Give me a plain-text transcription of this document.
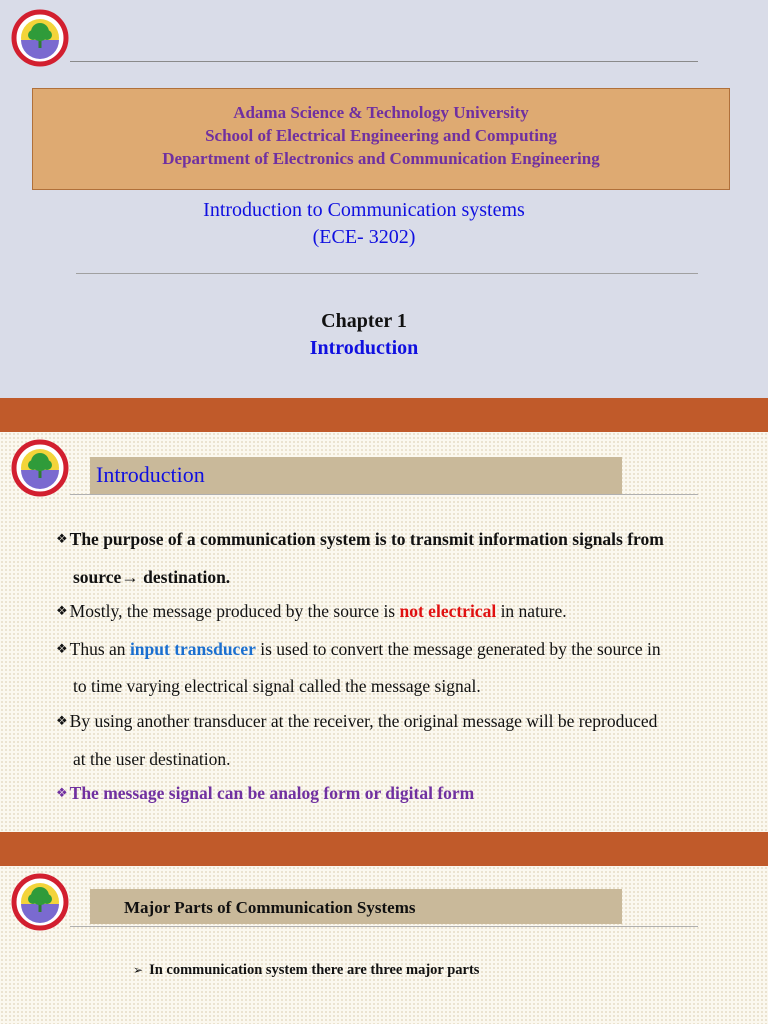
Adama Science & Technology University
School of Electrical Engineering and Computing
Department of Electronics and Communication Engineering
Introduction to Communication systems
(ECE- 3202)
Chapter 1
Introduction
Introduction

❖ The purpose of a communication system is to transmit information signals from

source→ destination.

❖ Mostly, the message produced by the source is not electrical in nature.

❖ Thus an input transducer is used to convert the message generated by the source in

to time varying electrical signal called the message signal.

❖ By using another transducer at the receiver, the original message will be reproduced

at the user destination.

❖ The message signal can be analog form or digital form

Major Parts of Communication Systems
➢ In communication system there are three major parts
